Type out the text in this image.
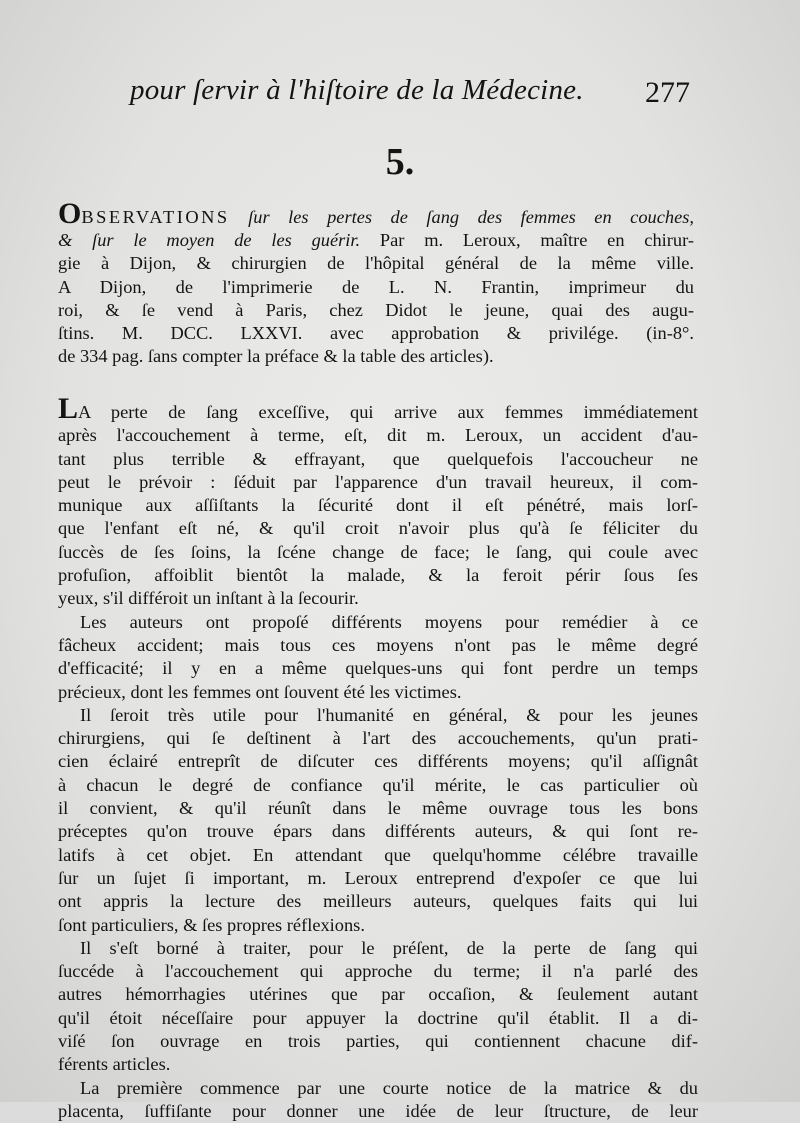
pour ſervir à l'hiſtoire de la Médecine. 277
5.
OBSERVATIONS ſur les pertes de ſang des femmes en couches,
& ſur le moyen de les guérir. Par m. Leroux, maître en chirur-
gie à Dijon, & chirurgien de l'hôpital général de la même ville.
A Dijon, de l'imprimerie de L. N. Frantin, imprimeur du
roi, & ſe vend à Paris, chez Didot le jeune, quai des augu-
ſtins. M. DCC. LXXVI. avec approbation & privilége. (in-8°.
de 334 pag. ſans compter la préface & la table des articles).
LA perte de ſang exceſſive, qui arrive aux femmes immédiatement
après l'accouchement à terme, eſt, dit m. Leroux, un accident d'au-
tant plus terrible & effrayant, que quelquefois l'accoucheur ne
peut le prévoir : ſéduit par l'apparence d'un travail heureux, il com-
munique aux aſſiſtants la ſécurité dont il eſt pénétré, mais lorſ-
que l'enfant eſt né, & qu'il croit n'avoir plus qu'à ſe féliciter du
ſuccès de ſes ſoins, la ſcéne change de face; le ſang, qui coule avec
profuſion, affoiblit bientôt la malade, & la feroit périr ſous ſes
yeux, s'il différoit un inſtant à la ſecourir.
Les auteurs ont propoſé différents moyens pour remédier à ce
fâcheux accident; mais tous ces moyens n'ont pas le même degré
d'efficacité; il y en a même quelques-uns qui font perdre un temps
précieux, dont les femmes ont ſouvent été les victimes.
Il ſeroit très utile pour l'humanité en général, & pour les jeunes
chirurgiens, qui ſe deſtinent à l'art des accouchements, qu'un prati-
cien éclairé entreprît de diſcuter ces différents moyens; qu'il aſſignât
à chacun le degré de confiance qu'il mérite, le cas particulier où
il convient, & qu'il réunît dans le même ouvrage tous les bons
préceptes qu'on trouve épars dans différents auteurs, & qui ſont re-
latifs à cet objet. En attendant que quelqu'homme célébre travaille
ſur un ſujet ſi important, m. Leroux entreprend d'expoſer ce que lui
ont appris la lecture des meilleurs auteurs, quelques faits qui lui
ſont particuliers, & ſes propres réflexions.
Il s'eſt borné à traiter, pour le préſent, de la perte de ſang qui
ſuccéde à l'accouchement qui approche du terme; il n'a parlé des
autres hémorrhagies utérines que par occaſion, & ſeulement autant
qu'il étoit néceſſaire pour appuyer la doctrine qu'il établit. Il a di-
viſé ſon ouvrage en trois parties, qui contiennent chacune dif-
férents articles.
La première commence par une courte notice de la matrice & du
placenta, ſuffiſante pour donner une idée de leur ſtructure, de leur
